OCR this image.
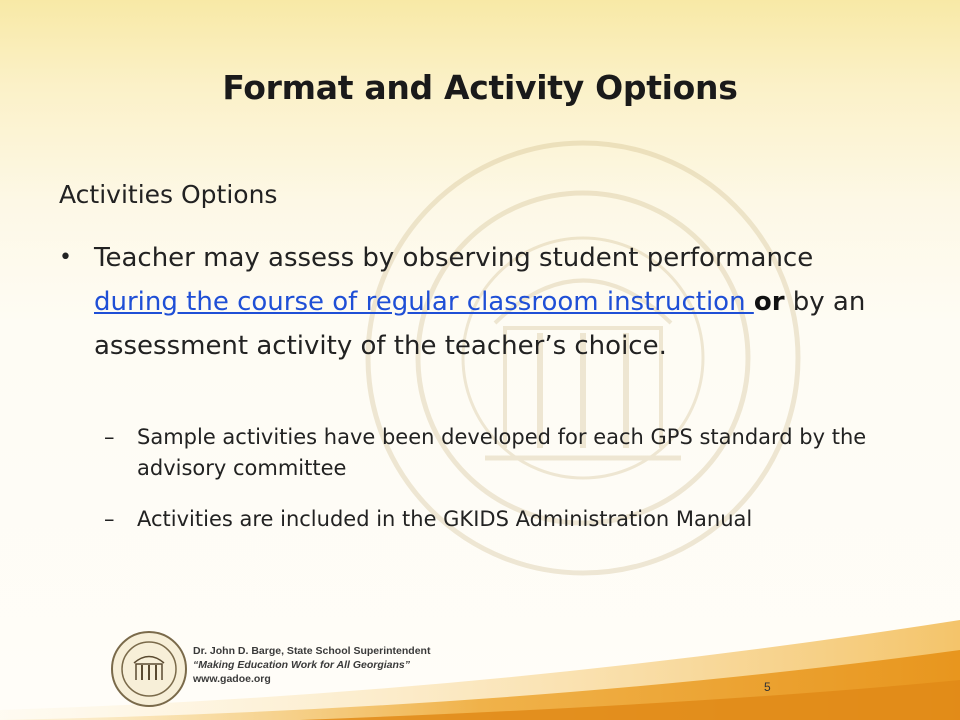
Format and Activity Options

Activities Options

• Teacher may assess by observing student performance during the course of regular classroom instruction or by an assessment activity of the teacher’s choice.
– Sample activities have been developed for each GPS standard by the advisory committee
– Activities are included in the GKIDS Administration Manual
Dr. John D. Barge, State School Superintendent
“Making Education Work for All Georgians”
www.gadoe.org
5
